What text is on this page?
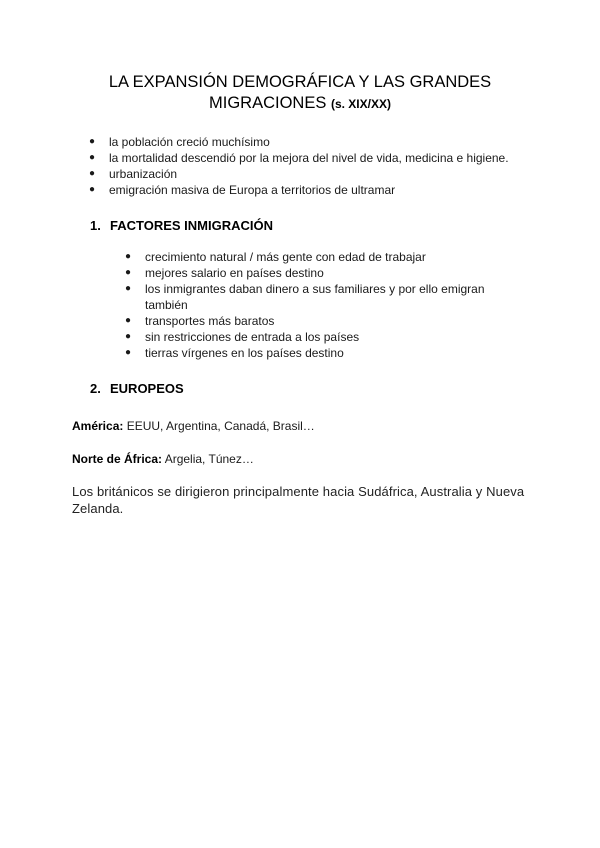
LA EXPANSIÓN DEMOGRÁFICA Y LAS GRANDES
MIGRACIONES (s. XIX/XX)
● la población creció muchísimo
● la mortalidad descendió por la mejora del nivel de vida, medicina e higiene.
● urbanización
● emigración masiva de Europa a territorios de ultramar
1. FACTORES INMIGRACIÓN
● crecimiento natural / más gente con edad de trabajar
● mejores salario en países destino
● los inmigrantes daban dinero a sus familiares y por ello emigran también
● transportes más baratos
● sin restricciones de entrada a los países
● tierras vírgenes en los países destino
2. EUROPEOS
América: EEUU, Argentina, Canadá, Brasil…
Norte de África: Argelia, Túnez…
Los británicos se dirigieron principalmente hacia Sudáfrica, Australia y Nueva Zelanda.
